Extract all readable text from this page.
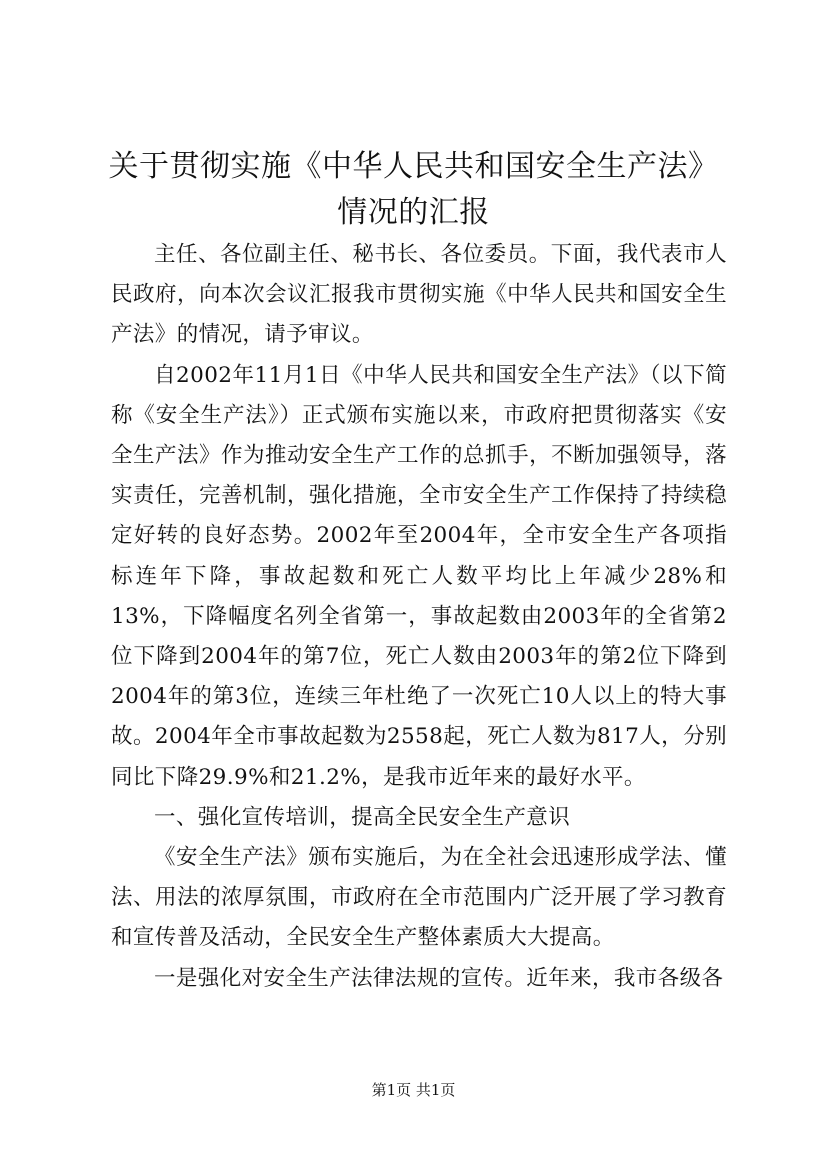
关于贯彻实施《中华人民共和国安全生产法》
情况的汇报

主任、各位副主任、秘书长、各位委员。下面，我代表市人民政府，向本次会议汇报我市贯彻实施《中华人民共和国安全生产法》的情况，请予审议。

自2002年11月1日《中华人民共和国安全生产法》（以下简称《安全生产法》）正式颁布实施以来，市政府把贯彻落实《安全生产法》作为推动安全生产工作的总抓手，不断加强领导，落实责任，完善机制，强化措施，全市安全生产工作保持了持续稳定好转的良好态势。2002年至2004年，全市安全生产各项指标连年下降，事故起数和死亡人数平均比上年减少28%和13%，下降幅度名列全省第一，事故起数由2003年的全省第2位下降到2004年的第7位，死亡人数由2003年的第2位下降到2004年的第3位，连续三年杜绝了一次死亡10人以上的特大事故。2004年全市事故起数为2558起，死亡人数为817人，分别同比下降29.9%和21.2%，是我市近年来的最好水平。

一、强化宣传培训，提高全民安全生产意识

《安全生产法》颁布实施后，为在全社会迅速形成学法、懂法、用法的浓厚氛围，市政府在全市范围内广泛开展了学习教育和宣传普及活动，全民安全生产整体素质大大提高。

一是强化对安全生产法律法规的宣传。近年来，我市各级各

第1页 共1页
